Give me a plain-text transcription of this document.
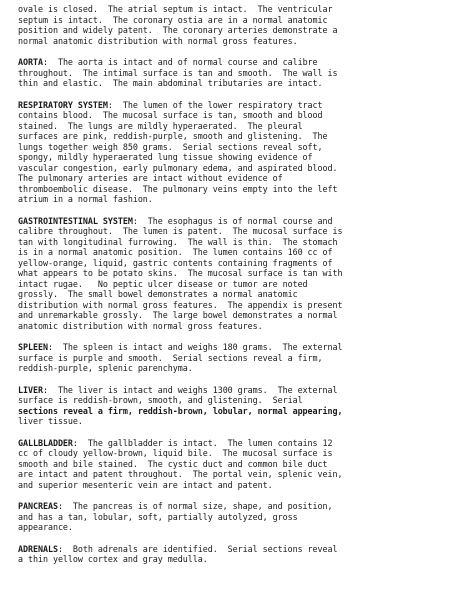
ovale is closed.  The atrial septum is intact.  The ventricular
septum is intact.  The coronary ostia are in a normal anatomic
position and widely patent.  The coronary arteries demonstrate a
normal anatomic distribution with normal gross features.
AORTA:  The aorta is intact and of normal course and calibre
throughout.  The intimal surface is tan and smooth.  The wall is
thin and elastic.  The main abdominal tributaries are intact.
RESPIRATORY SYSTEM:  The lumen of the lower respiratory tract
contains blood.  The mucosal surface is tan, smooth and blood
stained.  The lungs are mildly hyperaerated.  The pleural
surfaces are pink, reddish-purple, smooth and glistening.  The
lungs together weigh 850 grams.  Serial sections reveal soft,
spongy, mildly hyperaerated lung tissue showing evidence of
vascular congestion, early pulmonary edema, and aspirated blood.
The pulmonary arteries are intact without evidence of
thromboembolic disease.  The pulmonary veins empty into the left
atrium in a normal fashion.
GASTROINTESTINAL SYSTEM:  The esophagus is of normal course and
calibre throughout.  The lumen is patent.  The mucosal surface is
tan with longitudinal furrowing.  The wall is thin.  The stomach
is in a normal anatomic position.  The lumen contains 160 cc of
yellow-orange, liquid, gastric contents containing fragments of
what appears to be potato skins.  The mucosal surface is tan with
intact rugae.   No peptic ulcer disease or tumor are noted
grossly.  The small bowel demonstrates a normal anatomic
distribution with normal gross features.  The appendix is present
and unremarkable grossly.  The large bowel demonstrates a normal
anatomic distribution with normal gross features.
SPLEEN:  The spleen is intact and weighs 180 grams.  The external
surface is purple and smooth.  Serial sections reveal a firm,
reddish-purple, splenic parenchyma.
LIVER:  The liver is intact and weighs 1300 grams.  The external
surface is reddish-brown, smooth, and glistening.  Serial
sections reveal a firm, reddish-brown, lobular, normal appearing,
liver tissue.
GALLBLADDER:  The gallbladder is intact.  The lumen contains 12
cc of cloudy yellow-brown, liquid bile.  The mucosal surface is
smooth and bile stained.  The cystic duct and common bile duct
are intact and patent throughout.  The portal vein, splenic vein,
and superior mesenteric vein are intact and patent.
PANCREAS:  The pancreas is of normal size, shape, and position,
and has a tan, lobular, soft, partially autolyzed, gross
appearance.
ADRENALS:  Both adrenals are identified.  Serial sections reveal
a thin yellow cortex and gray medulla.
